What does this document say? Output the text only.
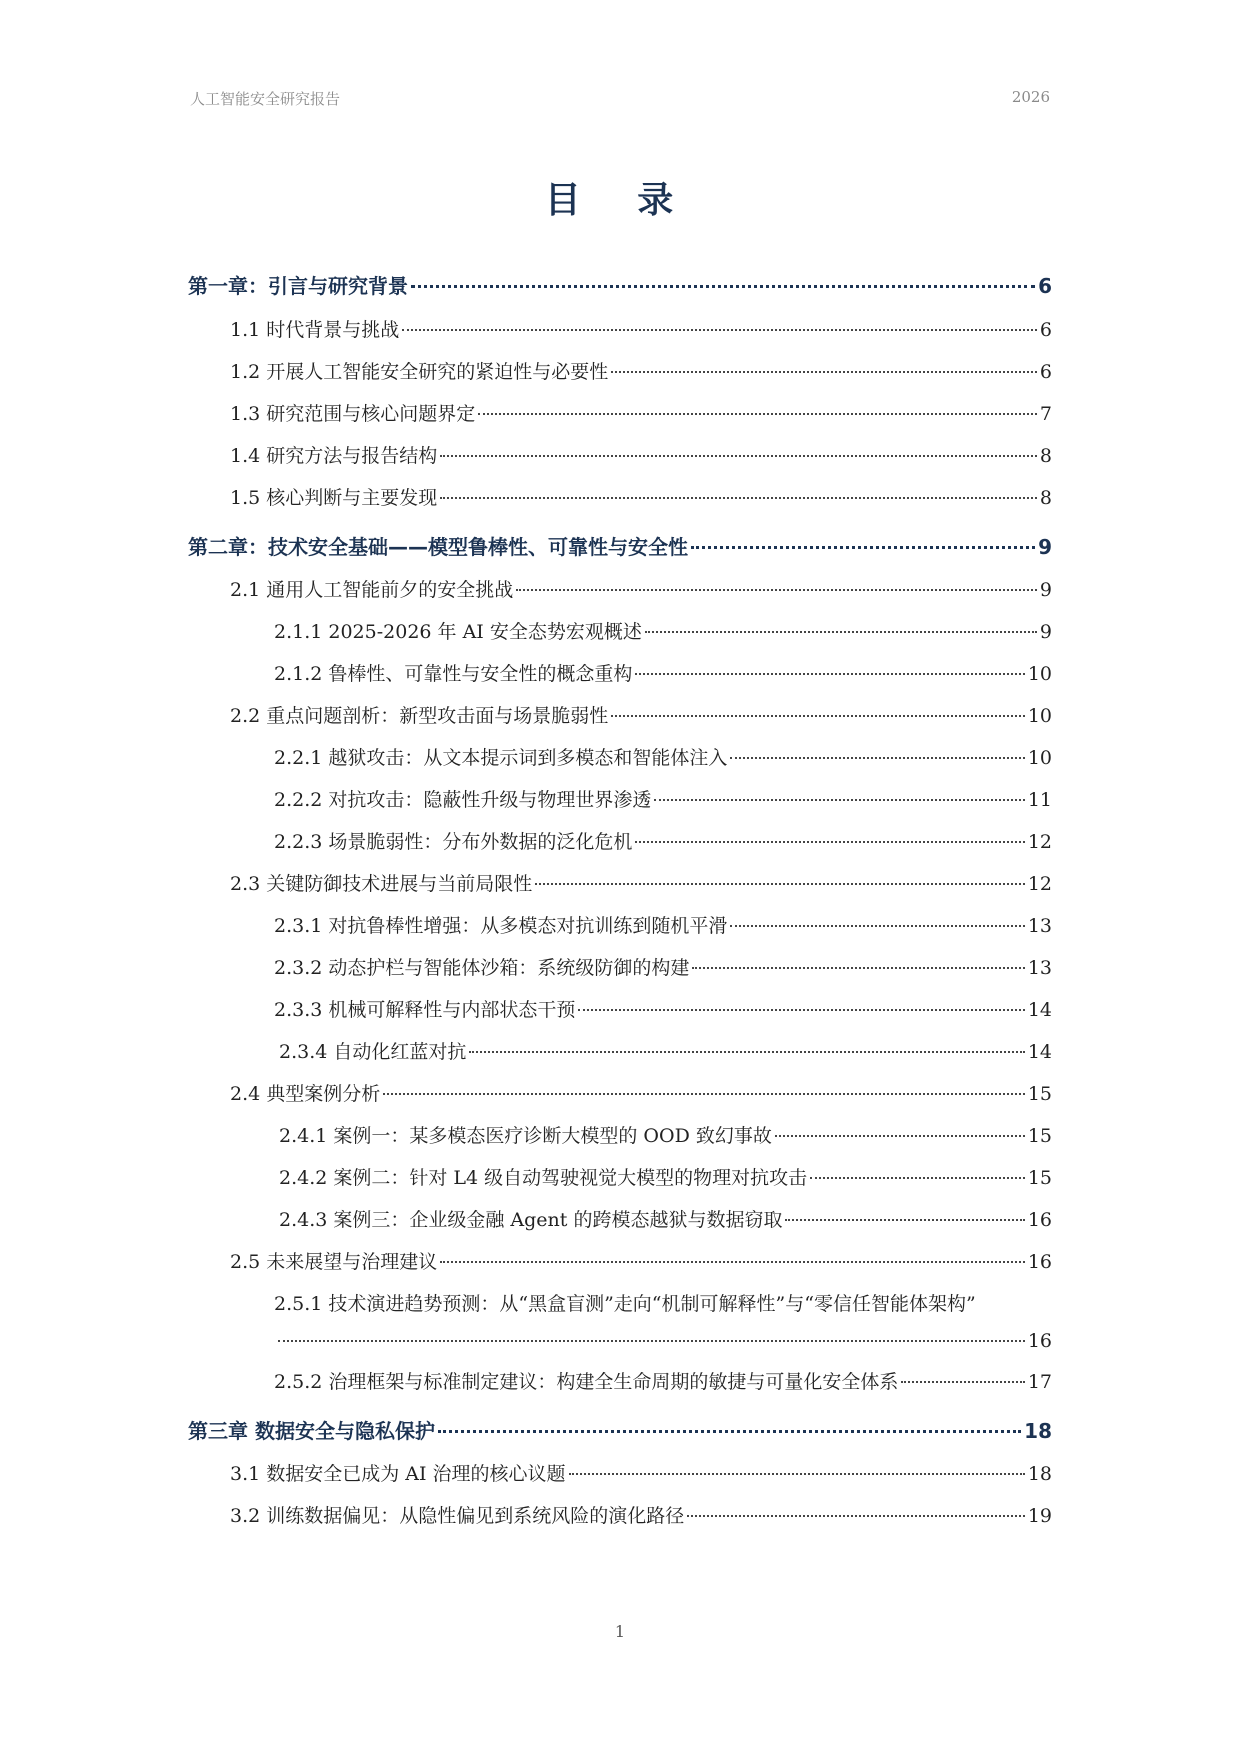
人工智能安全研究报告	2026
目 录
第一章：引言与研究背景	6
1.1 时代背景与挑战	6
1.2 开展人工智能安全研究的紧迫性与必要性	6
1.3 研究范围与核心问题界定	7
1.4 研究方法与报告结构	8
1.5 核心判断与主要发现	8
第二章：技术安全基础——模型鲁棒性、可靠性与安全性	9
2.1 通用人工智能前夕的安全挑战	9
2.1.1 2025-2026 年 AI 安全态势宏观概述	9
2.1.2 鲁棒性、可靠性与安全性的概念重构	10
2.2 重点问题剖析：新型攻击面与场景脆弱性	10
2.2.1 越狱攻击：从文本提示词到多模态和智能体注入	10
2.2.2 对抗攻击：隐蔽性升级与物理世界渗透	11
2.2.3 场景脆弱性：分布外数据的泛化危机	12
2.3 关键防御技术进展与当前局限性	12
2.3.1 对抗鲁棒性增强：从多模态对抗训练到随机平滑	13
2.3.2 动态护栏与智能体沙箱：系统级防御的构建	13
2.3.3 机械可解释性与内部状态干预	14
2.3.4 自动化红蓝对抗	14
2.4 典型案例分析	15
2.4.1 案例一：某多模态医疗诊断大模型的 OOD 致幻事故	15
2.4.2 案例二：针对 L4 级自动驾驶视觉大模型的物理对抗攻击	15
2.4.3 案例三：企业级金融 Agent 的跨模态越狱与数据窃取	16
2.5 未来展望与治理建议	16
2.5.1 技术演进趋势预测：从“黑盒盲测”走向“机制可解释性”与“零信任智能体架构”
16
2.5.2 治理框架与标准制定建议：构建全生命周期的敏捷与可量化安全体系	17
第三章 数据安全与隐私保护	18
3.1 数据安全已成为 AI 治理的核心议题	18
3.2 训练数据偏见：从隐性偏见到系统风险的演化路径	19
1
